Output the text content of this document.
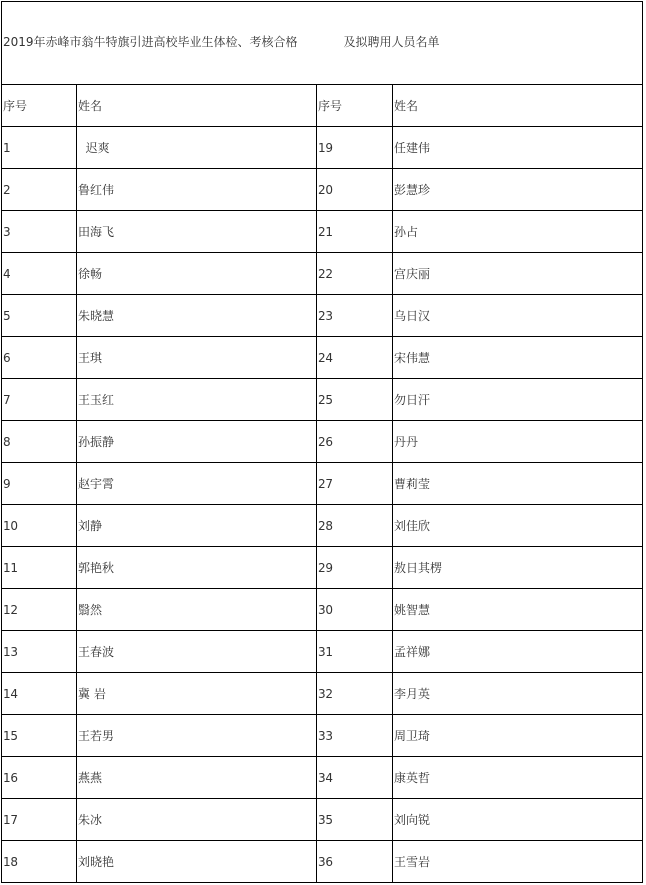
2019年赤峰市翁牛特旗引进高校毕业生体检、考核合格 及拟聘用人员名单			
序号	姓名	序号	姓名
1	迟爽	19	任建伟
2	鲁红伟	20	彭慧珍
3	田海飞	21	孙占
4	徐畅	22	宫庆丽
5	朱晓慧	23	乌日汉
6	王琪	24	宋伟慧
7	王玉红	25	勿日汗
8	孙振静	26	丹丹
9	赵宇霄	27	曹莉莹
10	刘静	28	刘佳欣
11	郭艳秋	29	敖日其楞
12	翳然	30	姚智慧
13	王春波	31	孟祥娜
14	冀 岩	32	李月英
15	王若男	33	周卫琦
16	燕燕	34	康英哲
17	朱冰	35	刘向锐
18	刘晓艳	36	王雪岩
